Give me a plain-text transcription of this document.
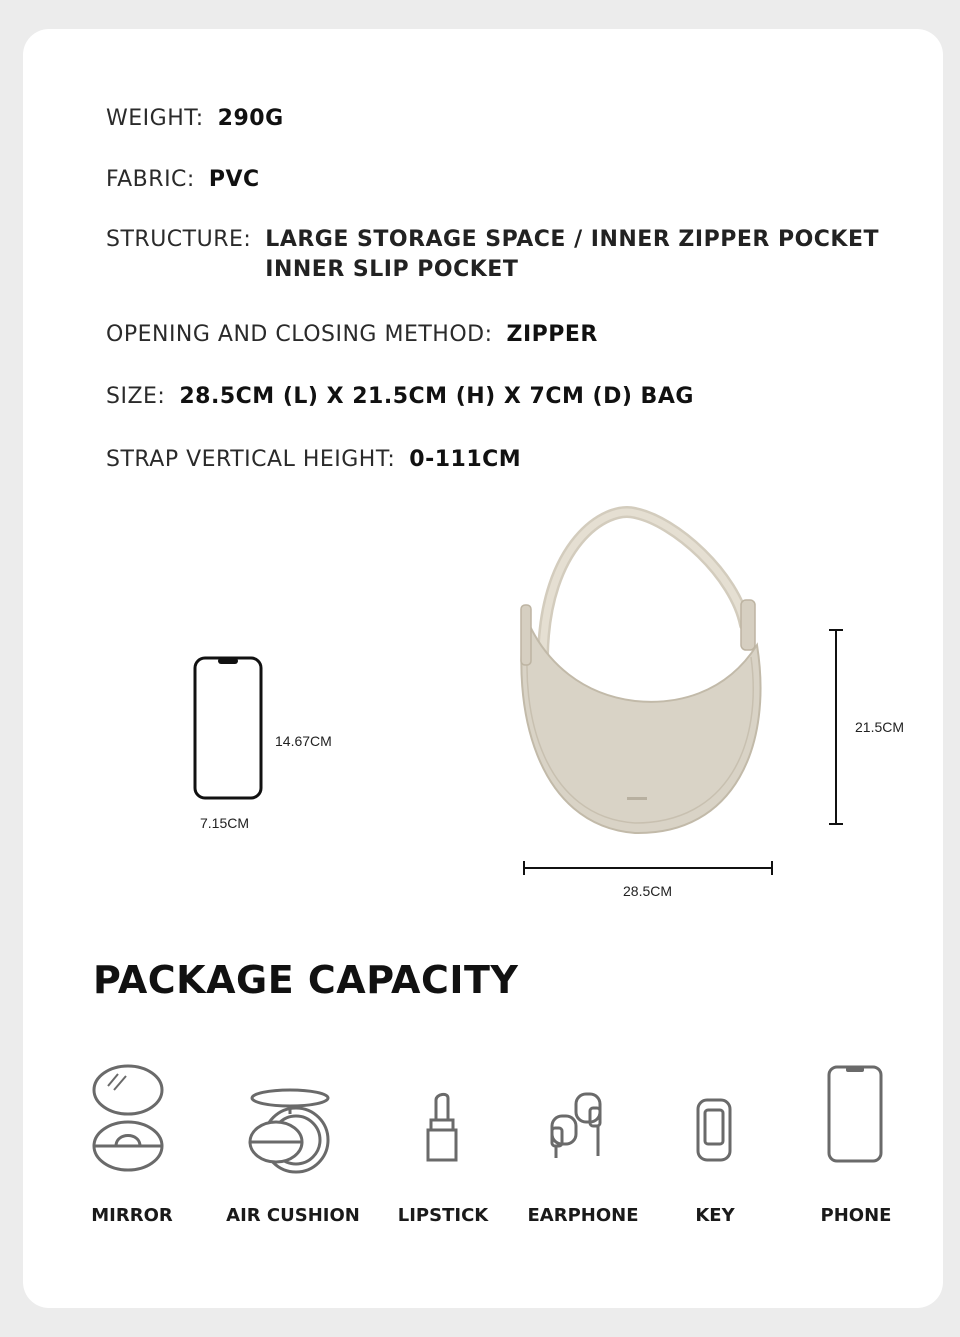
WEIGHT: 290G
FABRIC: PVC
STRUCTURE: LARGE STORAGE SPACE / INNER ZIPPER POCKET
INNER SLIP POCKET
OPENING AND CLOSING METHOD: ZIPPER
SIZE: 28.5CM (L) X 21.5CM (H) X 7CM (D) BAG
STRAP VERTICAL HEIGHT: 0-111CM
14.67CM
7.15CM
21.5CM
28.5CM
PACKAGE CAPACITY
MIRROR	AIR CUSHION LIPSTICK EARPHONE	KEY	PHONE
